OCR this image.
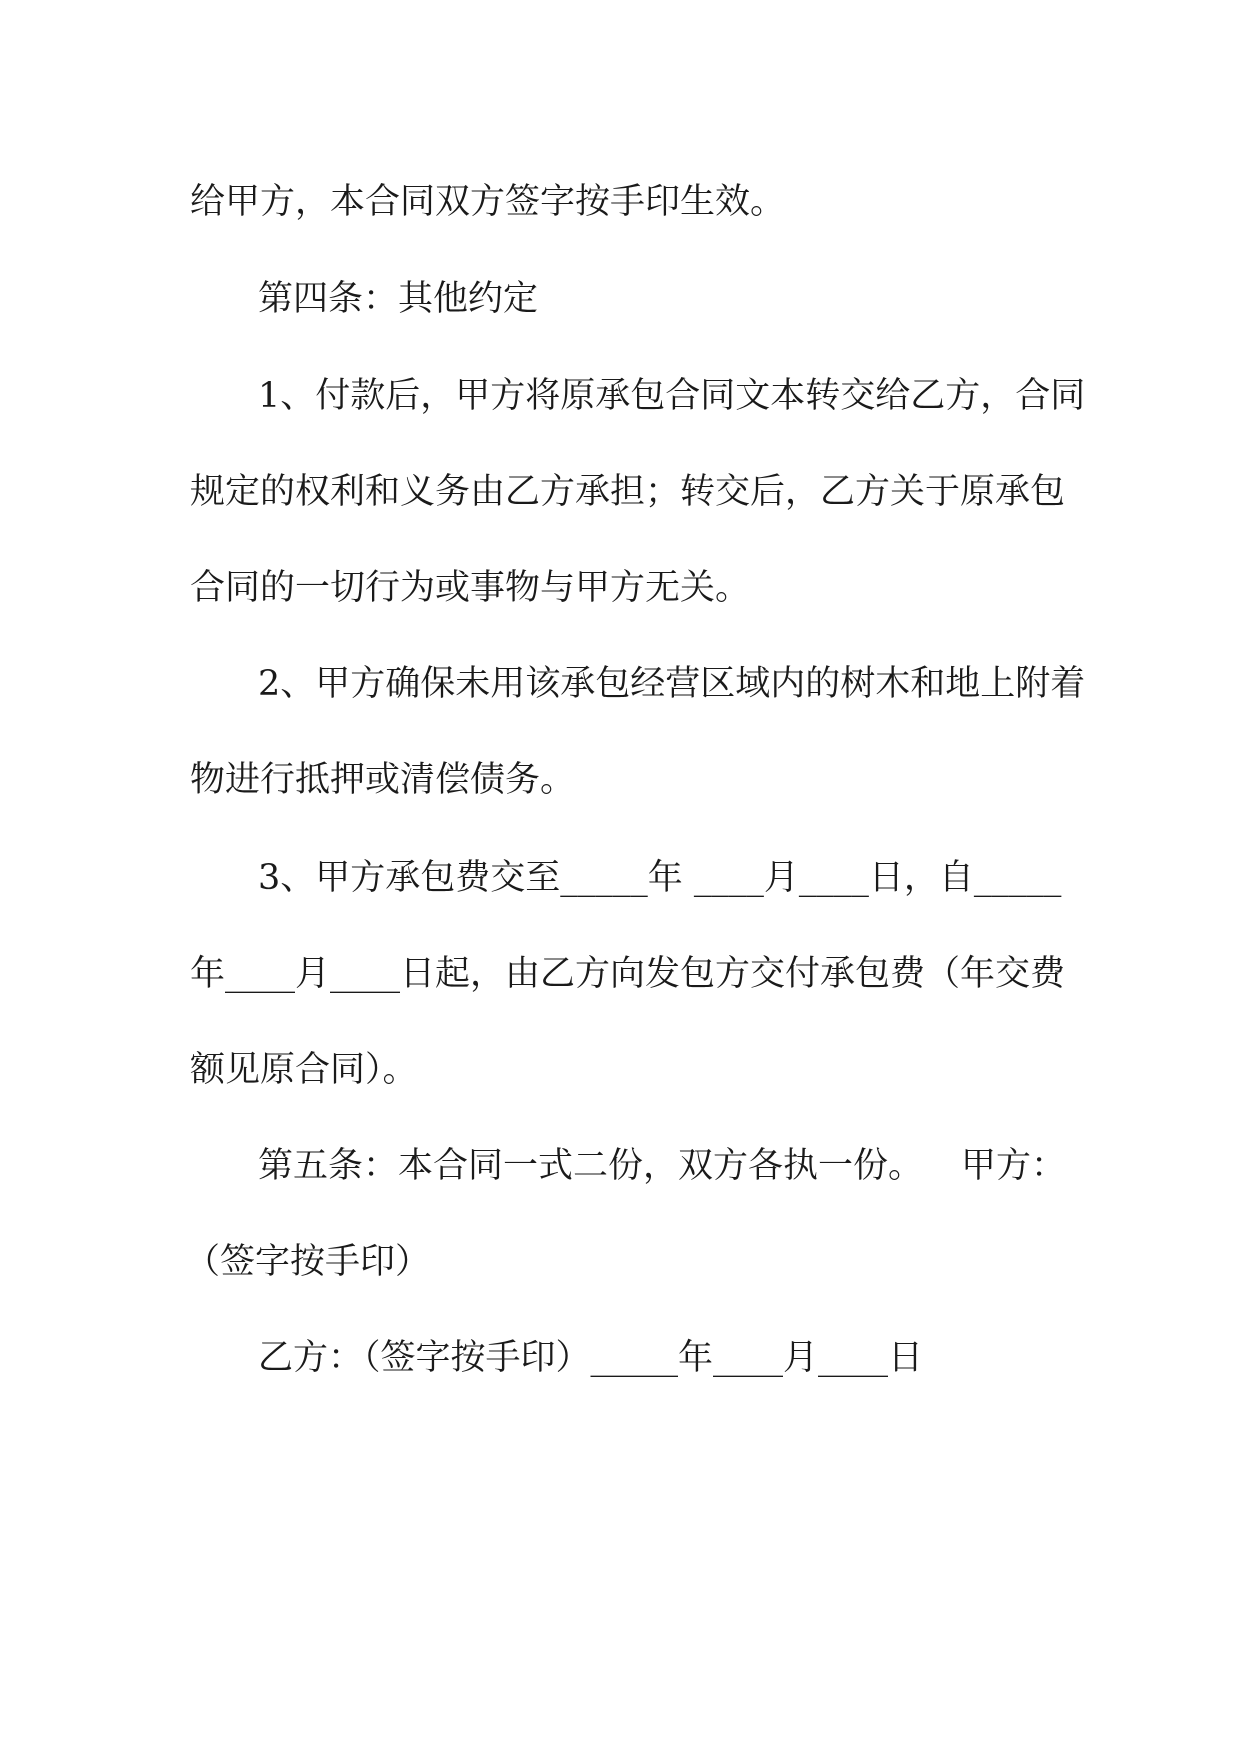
给甲方，本合同双方签字按手印生效。
第四条：其他约定
1、付款后，甲方将原承包合同文本转交给乙方，合同
规定的权利和义务由乙方承担；转交后，乙方关于原承包
合同的一切行为或事物与甲方无关。
2、甲方确保未用该承包经营区域内的树木和地上附着
物进行抵押或清偿债务。
3、甲方承包费交至_____年 ____月____日，自_____
年____月____日起，由乙方向发包方交付承包费（年交费
额见原合同）。
第五条：本合同一式二份，双方各执一份。 甲方：
（签字按手印）
乙方：（签字按手印）_____年____月____日
